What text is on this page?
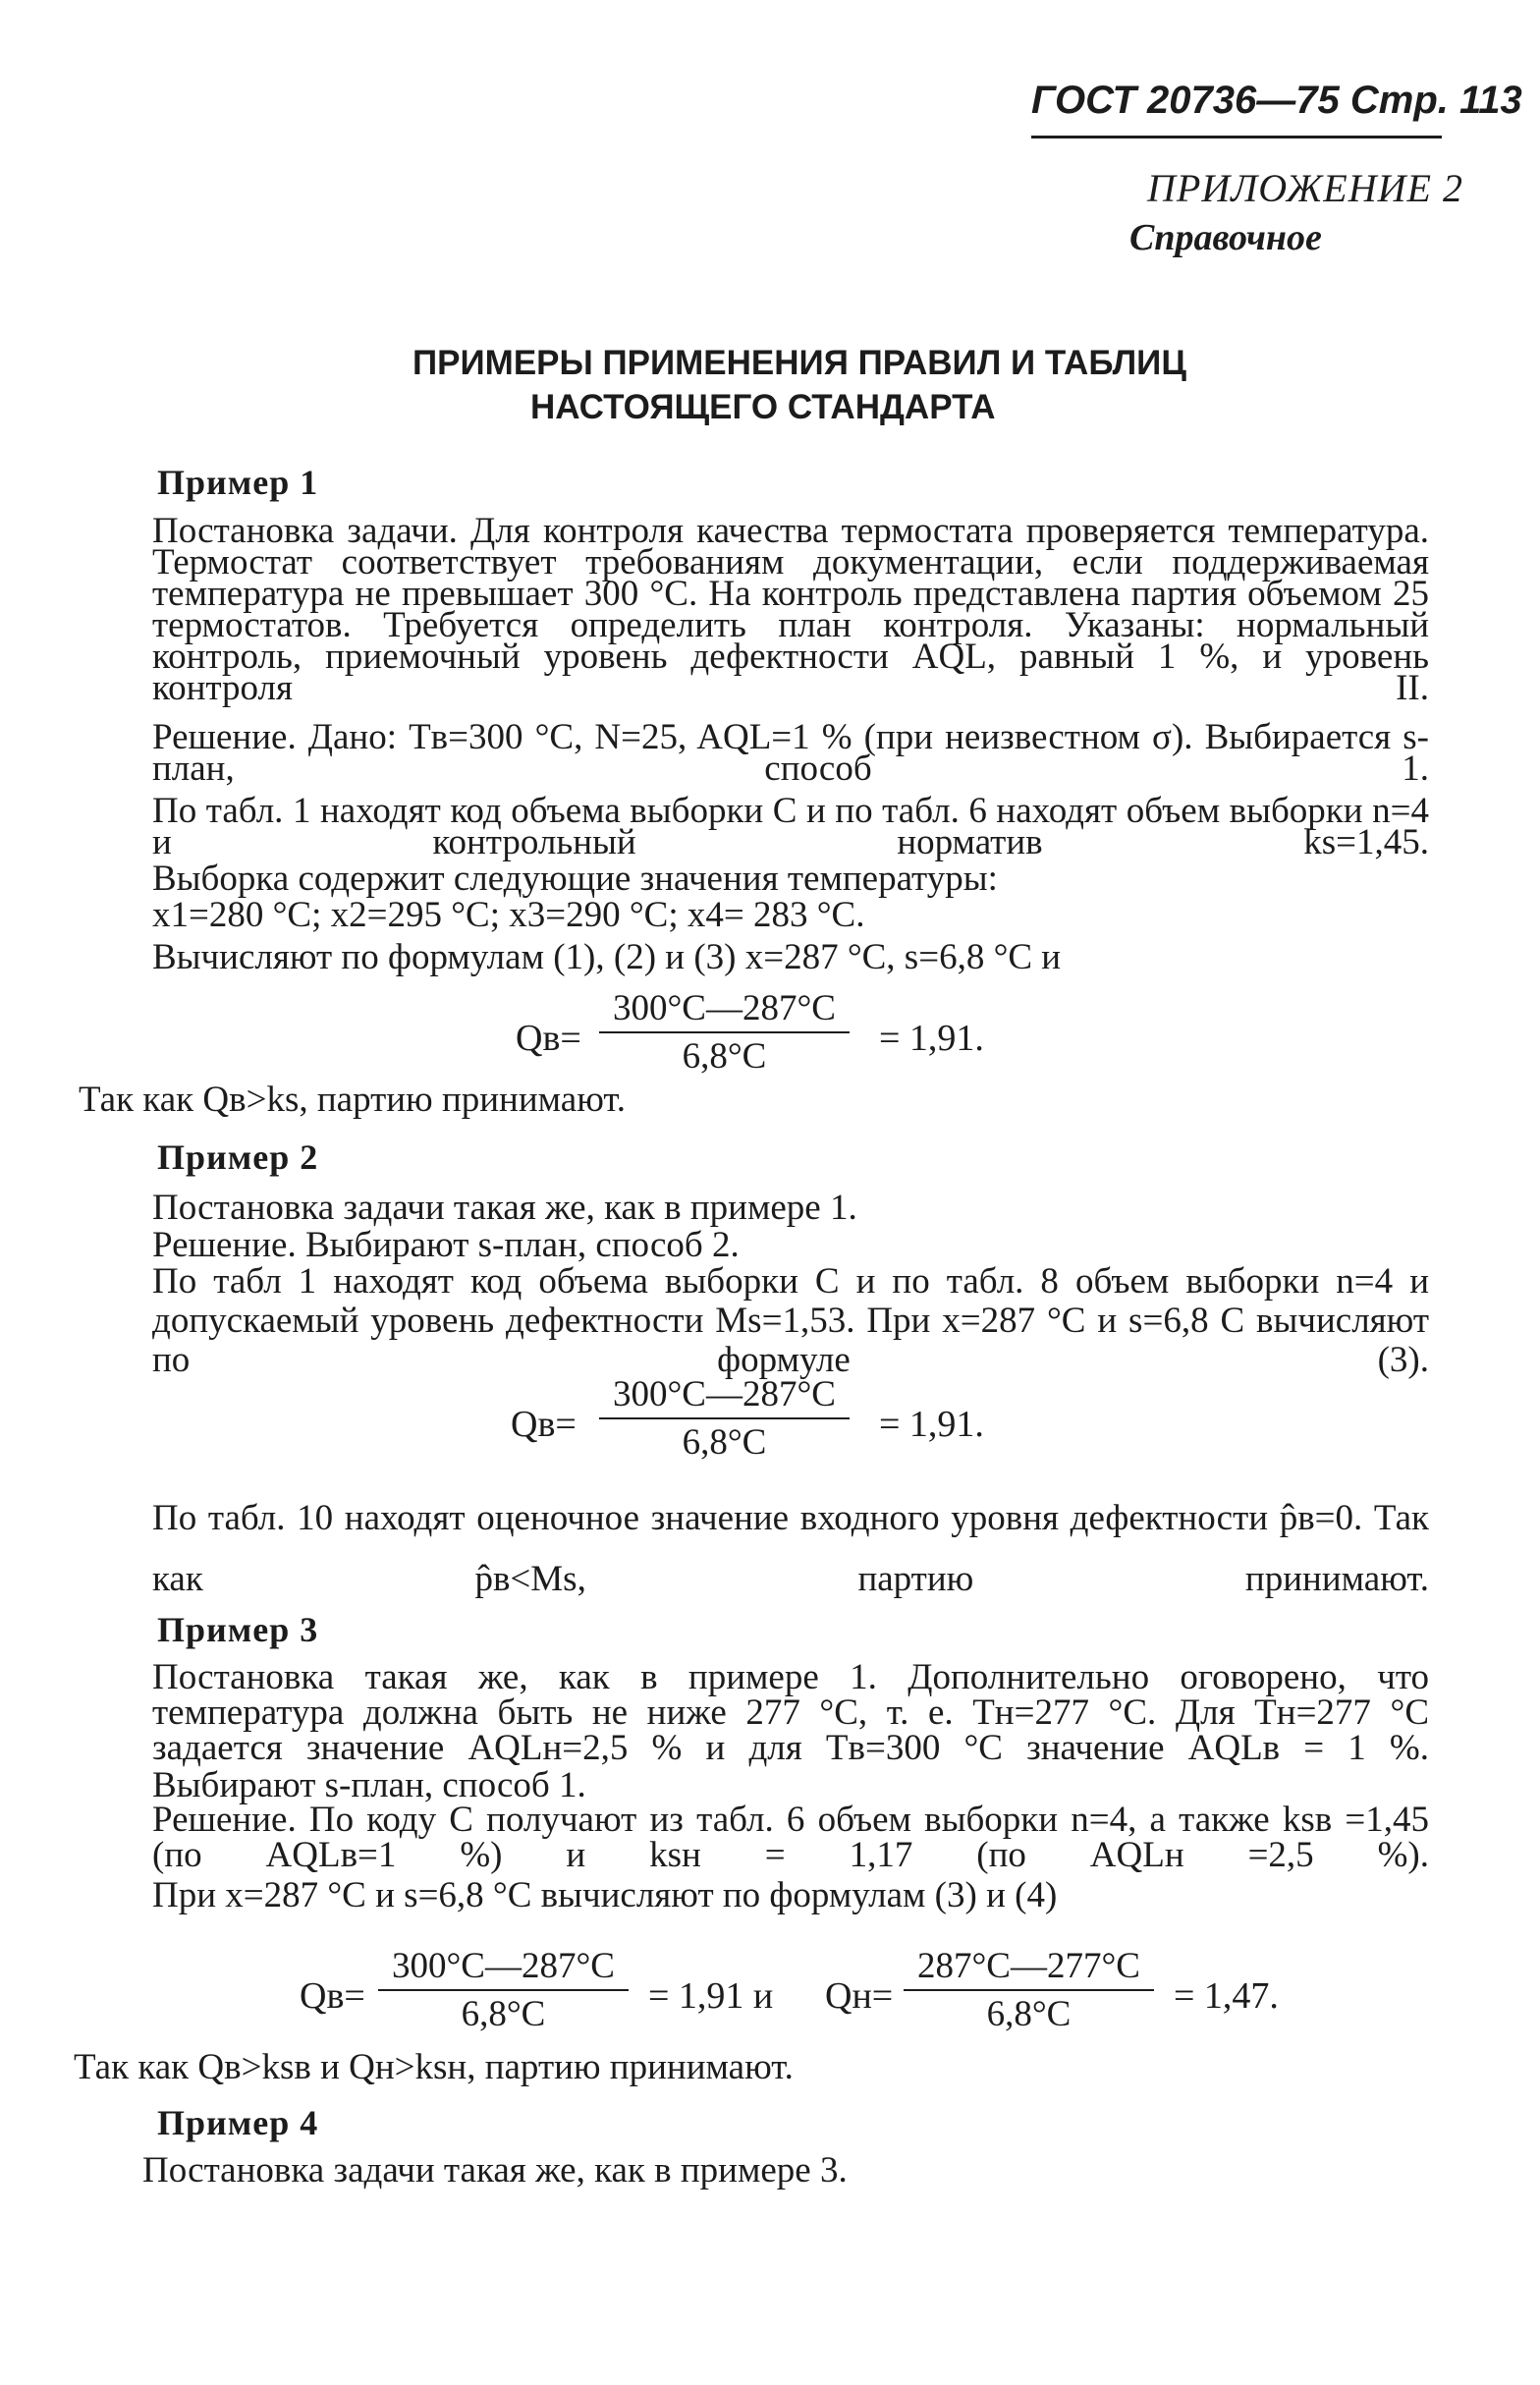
ГОСТ 20736—75 Стр. 113
ПРИЛОЖЕНИЕ 2
Справочное
ПРИМЕРЫ ПРИМЕНЕНИЯ ПРАВИЛ И ТАБЛИЦ
НАСТОЯЩЕГО СТАНДАРТА
Пример 1
Постановка задачи. Для контроля качества термостата проверяется температура. Термостат соответствует требованиям документации, если поддерживаемая температура не превышает 300 °С. На контроль представлена партия объемом 25 термостатов. Требуется определить план контроля. Указаны: нормальный контроль, приемочный уровень дефектности AQL, равный 1 %, и уровень контроля II.
Решение. Дано: Tв=300 °С, N=25, AQL=1 % (при неизвестном σ). Выбирается s-план, способ 1.
По табл. 1 находят код объема выборки C и по табл. 6 находят объем выборки n=4 и контрольный норматив ks=1,45.
Выборка содержит следующие значения температуры:
x1=280 °С; x2=295 °С; x3=290 °С; x4= 283 °С.
Вычисляют по формулам (1), (2) и (3) x=287 °С, s=6,8 °С и
Qв=
300°С—287°С
6,8°С	= 1,91.
Так как Qв>ks, партию принимают.
Пример 2
Постановка задачи такая же, как в примере 1.
Решение. Выбирают s-план, способ 2.
По табл 1 находят код объема выборки C и по табл. 8 объем выборки n=4 и допускаемый уровень дефектности Ms=1,53. При x=287 °С и s=6,8 С вычисляют по формуле (3).
Qв=
300°С—287°С
6,8°С	= 1,91.
По табл. 10 находят оценочное значение входного уровня дефектности p̂в=0. Так как p̂в<Ms, партию принимают.
Пример 3
Постановка такая же, как в примере 1. Дополнительно оговорено, что температура должна быть не ниже 277 °С, т. е. Tн=277 °С. Для Tн=277 °С задается значение AQLн=2,5 % и для Tв=300 °С значение AQLв = 1 %.
Выбирают s-план, способ 1.
Решение. По коду C получают из табл. 6 объем выборки n=4, а также ksв =1,45 (по AQLв=1 %) и ksн = 1,17 (по AQLн =2,5 %).
При x=287 °С и s=6,8 °С вычисляют по формулам (3) и (4)
Qв=
300°С—287°С
6,8°С	= 1,91 и Qн=
287°С—277°С
6,8°С	= 1,47.
Так как Qв>ksв и Qн>ksн, партию принимают.
Пример 4
Постановка задачи такая же, как в примере 3.
